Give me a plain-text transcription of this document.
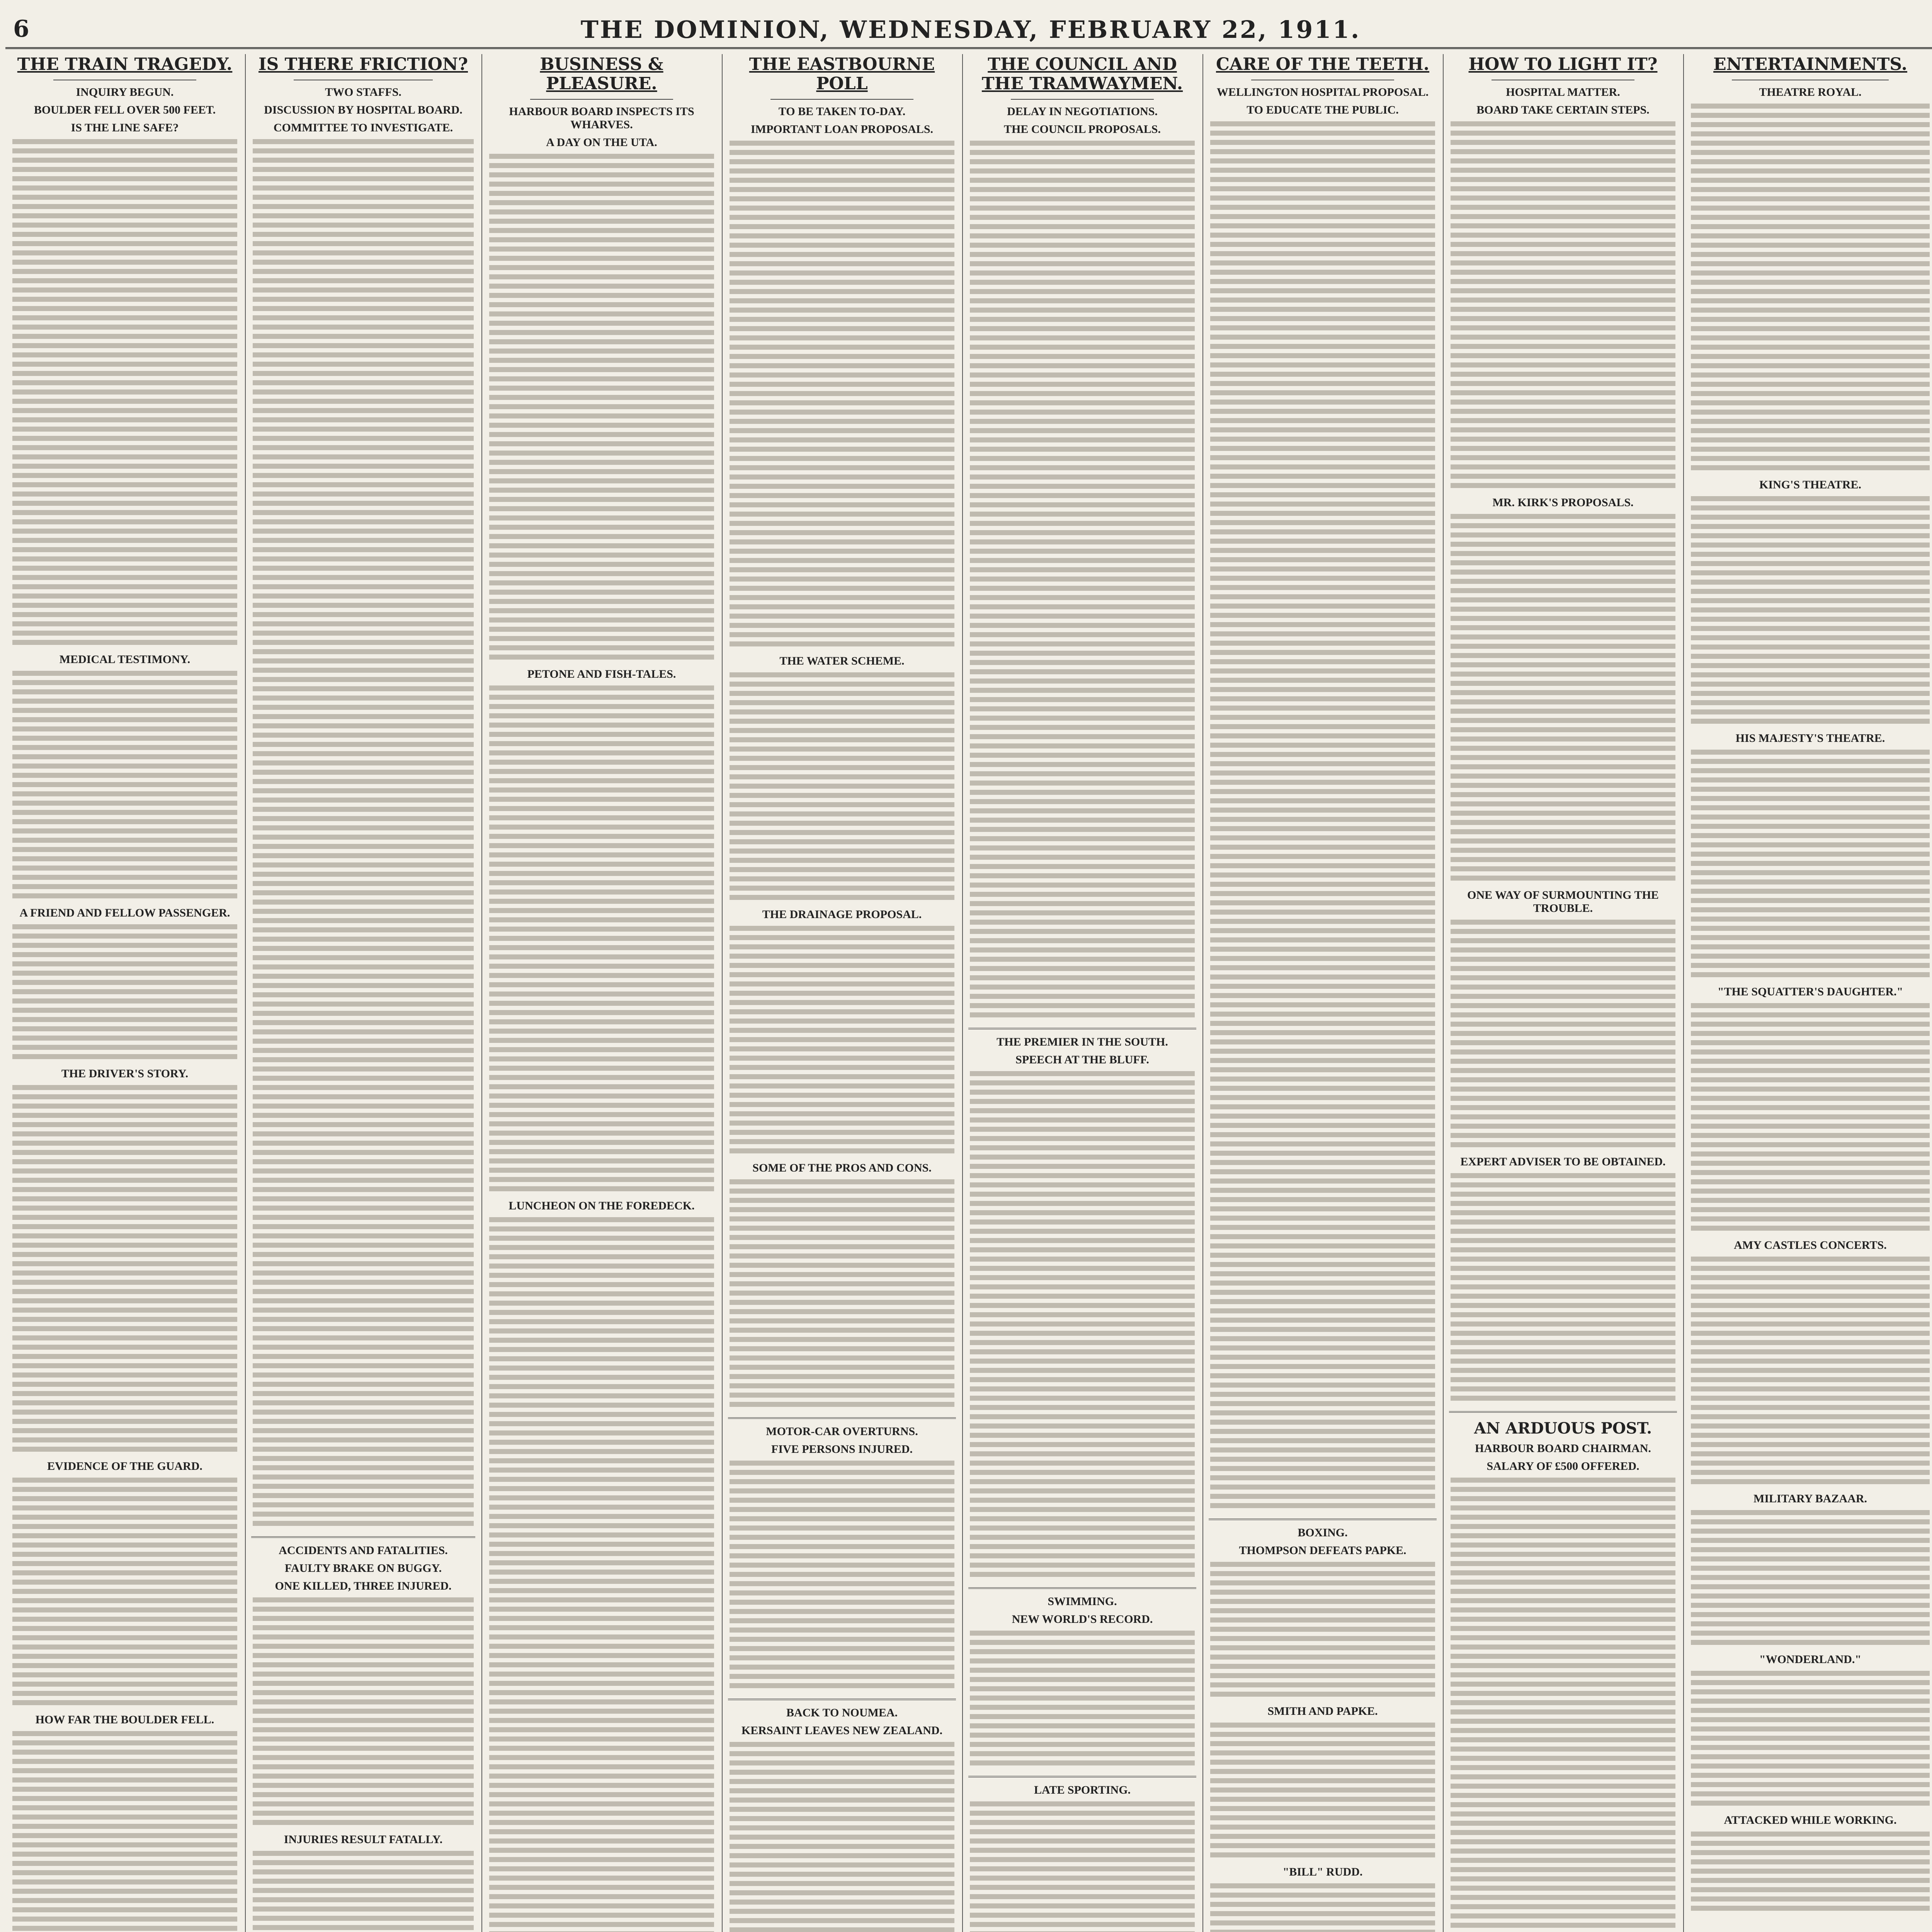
6	THE DOMINION, WEDNESDAY, FEBRUARY 22, 1911.
THE TRAIN TRAGEDY.
INQUIRY BEGUN.
BOULDER FELL OVER 500 FEET.
IS THE LINE SAFE?
MEDICAL TESTIMONY.
A FRIEND AND FELLOW PASSENGER.
THE DRIVER'S STORY.
EVIDENCE OF THE GUARD.
HOW FAR THE BOULDER FELL.
IS THERE FRICTION?
TWO STAFFS.
DISCUSSION BY HOSPITAL BOARD.
COMMITTEE TO INVESTIGATE.
ACCIDENTS AND FATALITIES.
FAULTY BRAKE ON BUGGY.
ONE KILLED, THREE INJURED.
INJURIES RESULT FATALLY.
BUSINESS & PLEASURE.
HARBOUR BOARD INSPECTS ITS WHARVES.
A DAY ON THE UTA.
PETONE AND FISH-TALES.
LUNCHEON ON THE FOREDECK.
THE EASTBOURNE POLL
TO BE TAKEN TO-DAY.
IMPORTANT LOAN PROPOSALS.
THE WATER SCHEME.
THE DRAINAGE PROPOSAL.
SOME OF THE PROS AND CONS.
MOTOR-CAR OVERTURNS.
FIVE PERSONS INJURED.
BACK TO NOUMEA.
KERSAINT LEAVES NEW ZEALAND.
THE COUNCIL AND THE TRAMWAYMEN.
DELAY IN NEGOTIATIONS.
THE COUNCIL PROPOSALS.
THE PREMIER IN THE SOUTH.
SPEECH AT THE BLUFF.
SWIMMING.
NEW WORLD'S RECORD.
LATE SPORTING.
CARE OF THE TEETH.
WELLINGTON HOSPITAL PROPOSAL.
TO EDUCATE THE PUBLIC.
BOXING.
THOMPSON DEFEATS PAPKE.
SMITH AND PAPKE.
"BILL" RUDD.
HOW TO LIGHT IT?
HOSPITAL MATTER.
BOARD TAKE CERTAIN STEPS.
MR. KIRK'S PROPOSALS.
ONE WAY OF SURMOUNTING THE TROUBLE.
EXPERT ADVISER TO BE OBTAINED.
AN ARDUOUS POST.
HARBOUR BOARD CHAIRMAN.
SALARY OF £500 OFFERED.
ENTERTAINMENTS.
THEATRE ROYAL.
KING'S THEATRE.
HIS MAJESTY'S THEATRE.
"THE SQUATTER'S DAUGHTER."
AMY CASTLES CONCERTS.
MILITARY BAZAAR.
"WONDERLAND."
ATTACKED WHILE WORKING.
